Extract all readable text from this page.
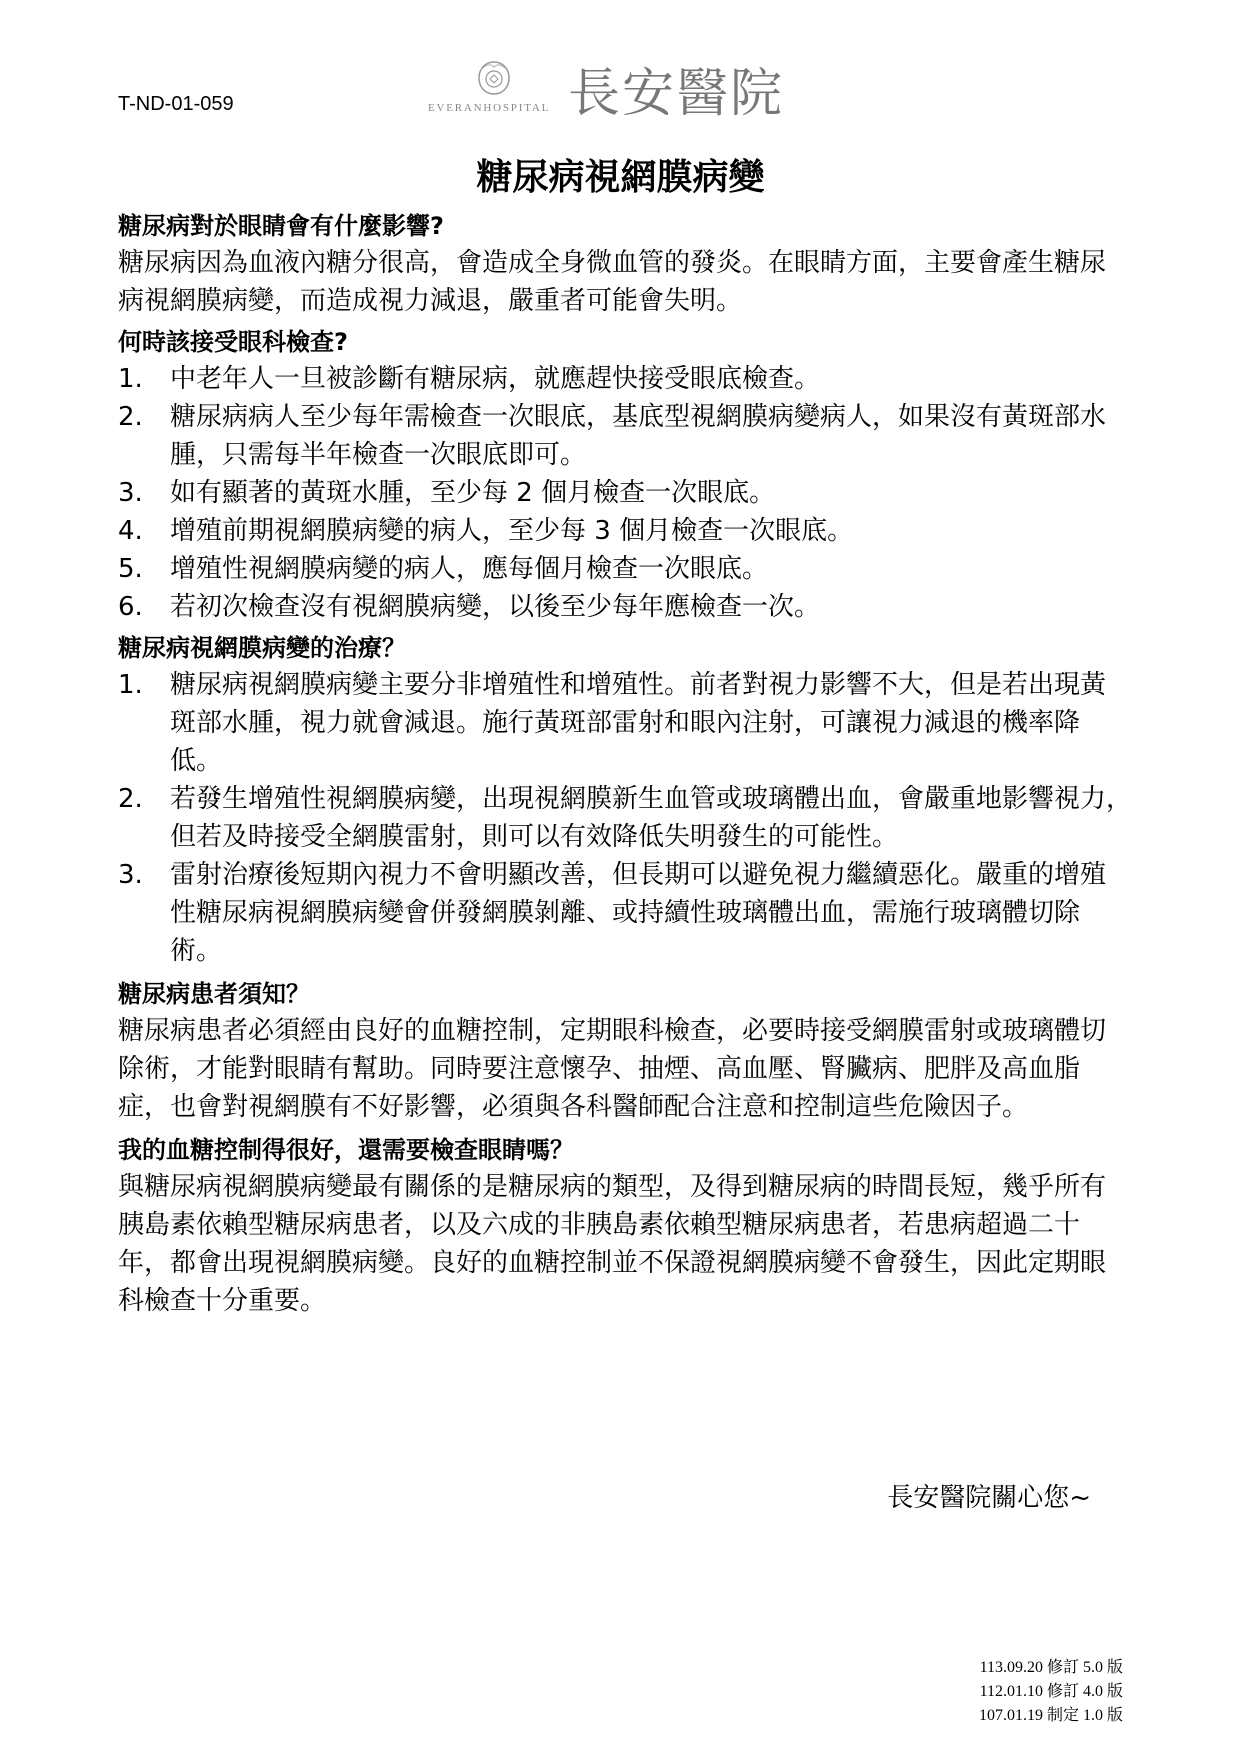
T-ND-01-059	EVERANHOSPITAL 長安醫院
糖尿病視網膜病變
糖尿病對於眼睛會有什麼影響?
糖尿病因為血液內糖分很高，會造成全身微血管的發炎。在眼睛方面，主要會產生糖尿病視網膜病變，而造成視力減退，嚴重者可能會失明。
何時該接受眼科檢查?
1.	中老年人一旦被診斷有糖尿病，就應趕快接受眼底檢查。
2.	糖尿病病人至少每年需檢查一次眼底，基底型視網膜病變病人，如果沒有黃斑部水腫，只需每半年檢查一次眼底即可。
3.	如有顯著的黃斑水腫，至少每 2 個月檢查一次眼底。
4.	增殖前期視網膜病變的病人，至少每 3 個月檢查一次眼底。
5.	增殖性視網膜病變的病人，應每個月檢查一次眼底。
6.	若初次檢查沒有視網膜病變，以後至少每年應檢查一次。
糖尿病視網膜病變的治療？
1.	糖尿病視網膜病變主要分非增殖性和增殖性。前者對視力影響不大，但是若出現黃斑部水腫，視力就會減退。施行黃斑部雷射和眼內注射，可讓視力減退的機率降低。
2.	若發生增殖性視網膜病變，出現視網膜新生血管或玻璃體出血，會嚴重地影響視力，　但若及時接受全網膜雷射，則可以有效降低失明發生的可能性。
3.	雷射治療後短期內視力不會明顯改善，但長期可以避免視力繼續惡化。嚴重的增殖性糖尿病視網膜病變會併發網膜剝離、或持續性玻璃體出血，需施行玻璃體切除術。
糖尿病患者須知？
糖尿病患者必須經由良好的血糖控制，定期眼科檢查，必要時接受網膜雷射或玻璃體切除術，才能對眼睛有幫助。同時要注意懷孕、抽煙、高血壓、腎臟病、肥胖及高血脂症，也會對視網膜有不好影響，必須與各科醫師配合注意和控制這些危險因子。
我的血糖控制得很好，還需要檢查眼睛嗎？
與糖尿病視網膜病變最有關係的是糖尿病的類型，及得到糖尿病的時間長短，幾乎所有胰島素依賴型糖尿病患者，以及六成的非胰島素依賴型糖尿病患者，若患病超過二十年，都會出現視網膜病變。良好的血糖控制並不保證視網膜病變不會發生，因此定期眼科檢查十分重要。
長安醫院關心您~
113.09.20 修訂 5.0 版
112.01.10 修訂 4.0 版
107.01.19 制定 1.0 版
